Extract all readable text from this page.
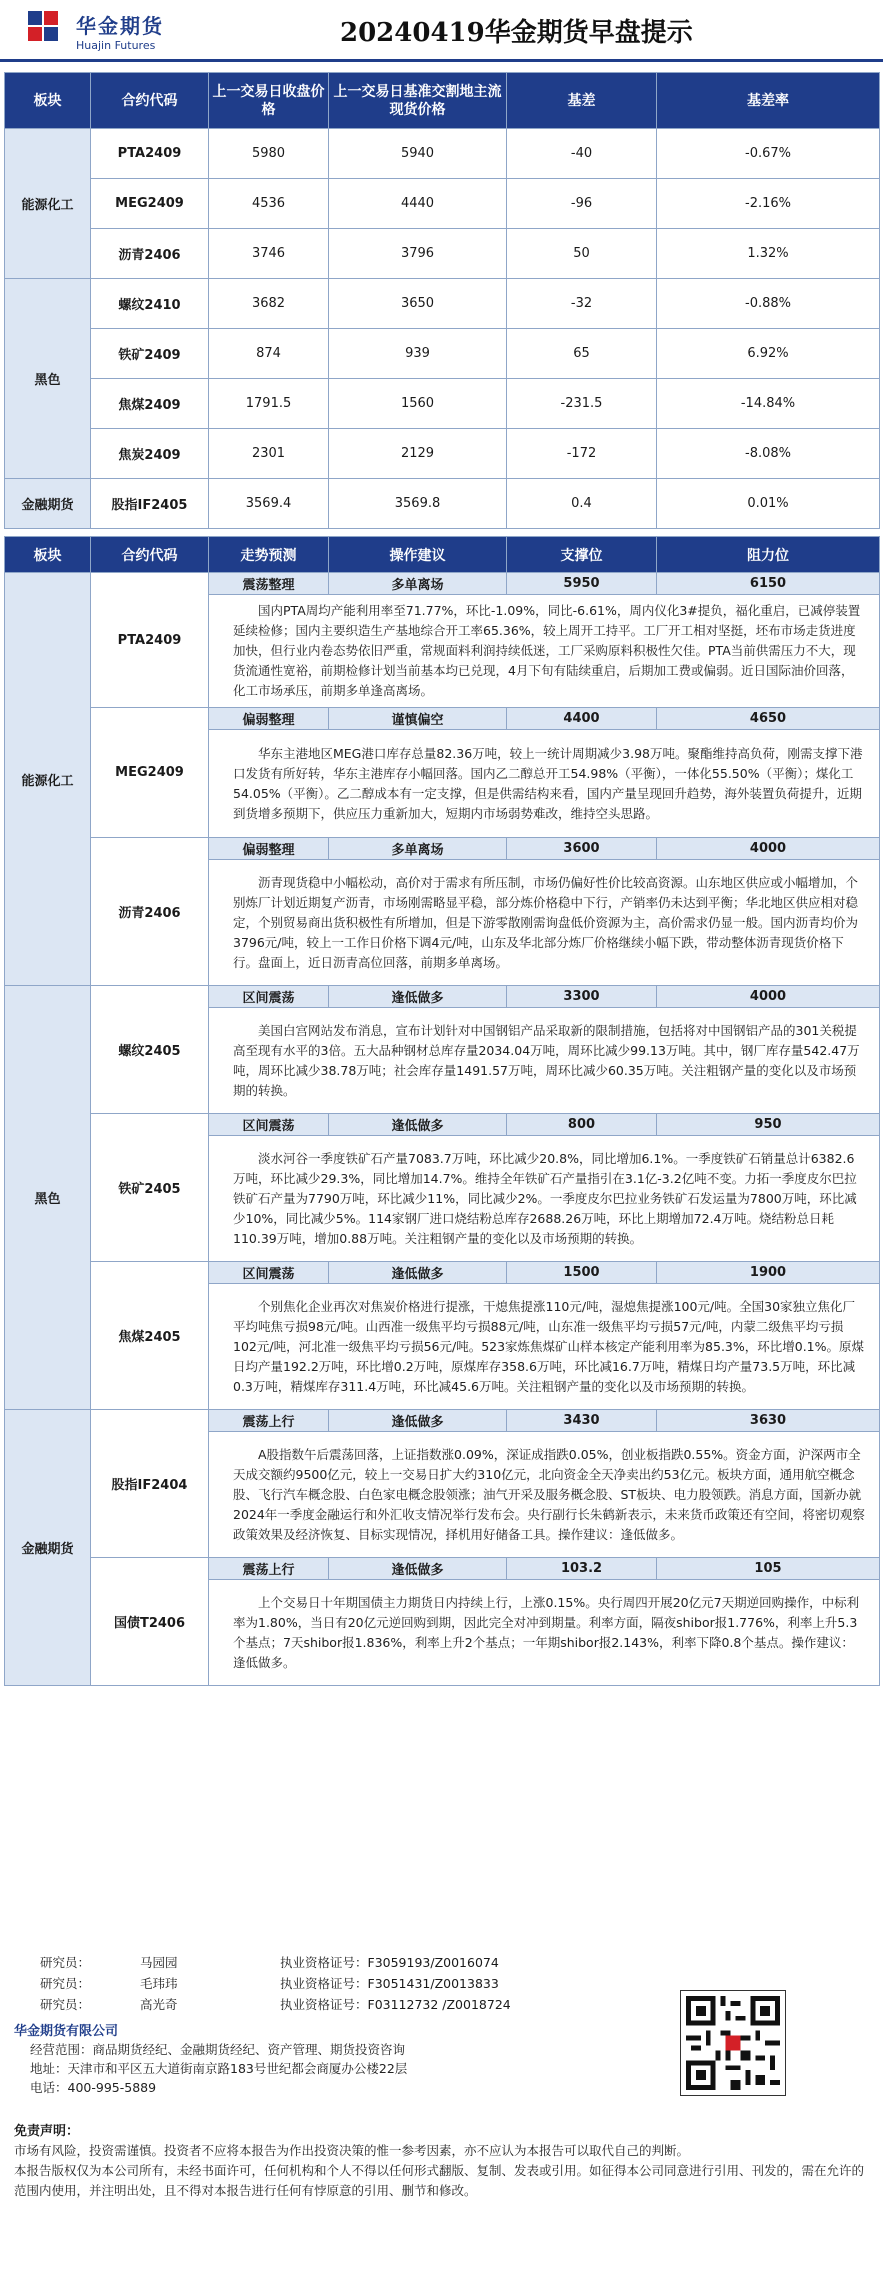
华金期货
Huajin Futures	20240419华金期货早盘提示
板块	合约代码	上一交易日收盘价格	上一交易日基准交割地主流现货价格	基差	基差率
能源化工	PTA2409	5980	5940	-40	-0.67%
	MEG2409	4536	4440	-96	-2.16%
	沥青2406	3746	3796	50	1.32%
黑色	螺纹2410	3682	3650	-32	-0.88%
	铁矿2409	874	939	65	6.92%
	焦煤2409	1791.5	1560	-231.5	-14.84%
	焦炭2409	2301	2129	-172	-8.08%
金融期货	股指IF2405	3569.4	3569.8	0.4	0.01%
板块	合约代码	走势预测	操作建议	支撑位	阻力位
能源化工	PTA2409	震荡整理	多单离场	5950	6150
		国内PTA周均产能利用率至71.77%，环比-1.09%，同比-6.61%，周内仪化3#提负，福化重启，已减停装置延续检修；国内主要织造生产基地综合开工率65.36%，较上周开工持平。工厂开工相对坚挺，坯布市场走货进度加快，但行业内卷态势依旧严重，常规面料利润持续低迷，工厂采购原料积极性欠佳。PTA当前供需压力不大，现货流通性宽裕，前期检修计划当前基本均已兑现，4月下旬有陆续重启，后期加工费或偏弱。近日国际油价回落，化工市场承压，前期多单逢高离场。			
	MEG2409	偏弱整理	谨慎偏空	4400	4650
		华东主港地区MEG港口库存总量82.36万吨，较上一统计周期减少3.98万吨。聚酯维持高负荷，刚需支撑下港口发货有所好转，华东主港库存小幅回落。国内乙二醇总开工54.98%（平衡），一体化55.50%（平衡）；煤化工54.05%（平衡）。乙二醇成本有一定支撑，但是供需结构来看，国内产量呈现回升趋势，海外装置负荷提升，近期到货增多预期下，供应压力重新加大，短期内市场弱势难改，维持空头思路。			
	沥青2406	偏弱整理	多单离场	3600	4000
		沥青现货稳中小幅松动，高价对于需求有所压制，市场仍偏好性价比较高资源。山东地区供应或小幅增加，个别炼厂计划近期复产沥青，市场刚需略显平稳，部分炼价格稳中下行，产销率仍未达到平衡；华北地区供应相对稳定，个别贸易商出货积极性有所增加，但是下游零散刚需询盘低价资源为主，高价需求仍显一般。国内沥青均价为3796元/吨，较上一工作日价格下调4元/吨，山东及华北部分炼厂价格继续小幅下跌，带动整体沥青现货价格下行。盘面上，近日沥青高位回落，前期多单离场。			
黑色	螺纹2405	区间震荡	逢低做多	3300	4000
		美国白宫网站发布消息，宣布计划针对中国钢铝产品采取新的限制措施，包括将对中国钢铝产品的301关税提高至现有水平的3倍。五大品种钢材总库存量2034.04万吨，周环比减少99.13万吨。其中，钢厂库存量542.47万吨，周环比减少38.78万吨；社会库存量1491.57万吨，周环比减少60.35万吨。关注粗钢产量的变化以及市场预期的转换。			
	铁矿2405	区间震荡	逢低做多	800	950
		淡水河谷一季度铁矿石产量7083.7万吨，环比减少20.8%，同比增加6.1%。一季度铁矿石销量总计6382.6万吨，环比减少29.3%，同比增加14.7%。维持全年铁矿石产量指引在3.1亿-3.2亿吨不变。力拓一季度皮尔巴拉铁矿石产量为7790万吨，环比减少11%，同比减少2%。一季度皮尔巴拉业务铁矿石发运量为7800万吨，环比减少10%，同比减少5%。114家钢厂进口烧结粉总库存2688.26万吨，环比上期增加72.4万吨。烧结粉总日耗110.39万吨，增加0.88万吨。关注粗钢产量的变化以及市场预期的转换。			
	焦煤2405	区间震荡	逢低做多	1500	1900
		个别焦化企业再次对焦炭价格进行提涨，干熄焦提涨110元/吨，湿熄焦提涨100元/吨。全国30家独立焦化厂平均吨焦亏损98元/吨。山西准一级焦平均亏损88元/吨，山东准一级焦平均亏损57元/吨，内蒙二级焦平均亏损102元/吨，河北准一级焦平均亏损56元/吨。523家炼焦煤矿山样本核定产能利用率为85.3%，环比增0.1%。原煤日均产量192.2万吨，环比增0.2万吨，原煤库存358.6万吨，环比减16.7万吨，精煤日均产量73.5万吨，环比减0.3万吨，精煤库存311.4万吨，环比减45.6万吨。关注粗钢产量的变化以及市场预期的转换。			
金融期货	股指IF2404	震荡上行	逢低做多	3430	3630
		A股指数午后震荡回落，上证指数涨0.09%，深证成指跌0.05%，创业板指跌0.55%。资金方面，沪深两市全天成交额约9500亿元，较上一交易日扩大约310亿元，北向资金全天净卖出约53亿元。板块方面，通用航空概念股、飞行汽车概念股、白色家电概念股领涨；油气开采及服务概念股、ST板块、电力股领跌。消息方面，国新办就2024年一季度金融运行和外汇收支情况举行发布会。央行副行长朱鹤新表示，未来货币政策还有空间，将密切观察政策效果及经济恢复、目标实现情况，择机用好储备工具。操作建议：逢低做多。			
	国债T2406	震荡上行	逢低做多	103.2	105
		上个交易日十年期国债主力期货日内持续上行，上涨0.15%。央行周四开展20亿元7天期逆回购操作，中标利率为1.80%，当日有20亿元逆回购到期，因此完全对冲到期量。利率方面，隔夜shibor报1.776%，利率上升5.3个基点；7天shibor报1.836%，利率上升2个基点；一年期shibor报2.143%，利率下降0.8个基点。操作建议：逢低做多。			
研究员：	马园园	执业资格证号：F3059193/Z0016074
研究员：	毛玮玮	执业资格证号：F3051431/Z0013833
研究员：	高光奇	执业资格证号：F03112732 /Z0018724
华金期货有限公司
经营范围：商品期货经纪、金融期货经纪、资产管理、期货投资咨询
地址：天津市和平区五大道街南京路183号世纪都会商厦办公楼22层
电话：400-995-5889
免责声明：
市场有风险，投资需谨慎。投资者不应将本报告为作出投资决策的惟一参考因素，亦不应认为本报告可以取代自己的判断。
本报告版权仅为本公司所有，未经书面许可，任何机构和个人不得以任何形式翻版、复制、发表或引用。如征得本公司同意进行引用、刊发的，需在允许的范围内使用，并注明出处，且不得对本报告进行任何有悖原意的引用、删节和修改。
